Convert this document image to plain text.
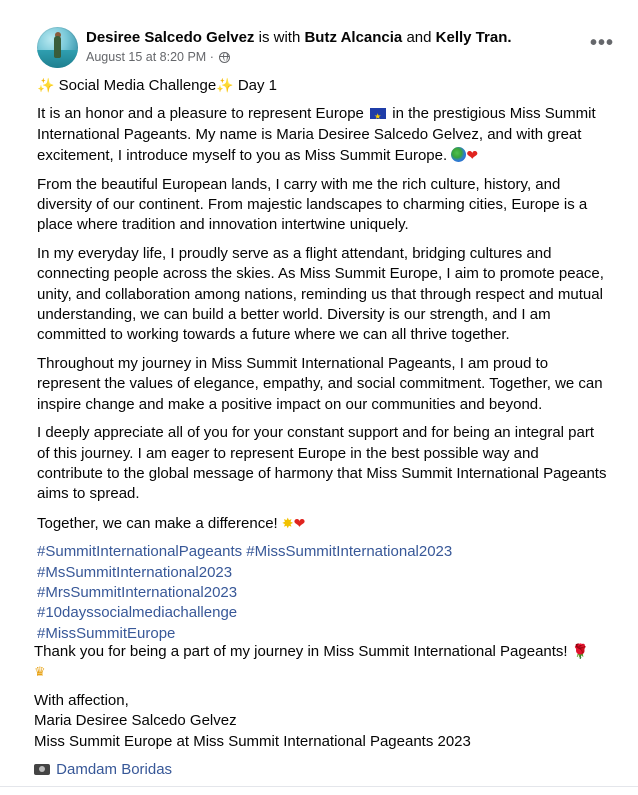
Desiree Salcedo Gelvez is with Butz Alcancia and Kelly Tran.
August 15 at 8:20 PM ·
•••

✨ Social Media Challenge✨ Day 1

It is an honor and a pleasure to represent Europe ★ in the prestigious Miss Summit International Pageants. My name is Maria Desiree Salcedo Gelvez, and with great excitement, I introduce myself to you as Miss Summit Europe. ❤

From the beautiful European lands, I carry with me the rich culture, history, and diversity of our continent. From majestic landscapes to charming cities, Europe is a place where tradition and innovation intertwine uniquely.

In my everyday life, I proudly serve as a flight attendant, bridging cultures and connecting people across the skies. As Miss Summit Europe, I aim to promote peace, unity, and collaboration among nations, reminding us that through respect and mutual understanding, we can build a better world. Diversity is our strength, and I am committed to working towards a future where we can all thrive together.

Throughout my journey in Miss Summit International Pageants, I am proud to represent the values of elegance, empathy, and social commitment. Together, we can inspire change and make a positive impact on our communities and beyond.

I deeply appreciate all of you for your constant support and for being an integral part of this journey. I am eager to represent Europe in the best possible way and contribute to the global message of harmony that Miss Summit International Pageants aims to spread.

Together, we can make a difference! ✸❤

#SummitInternationalPageants #MissSummitInternational2023
#MsSummitInternational2023
#MrsSummitInternational2023
#10dayssocialmediachallenge
#MissSummitEurope

Thank you for being a part of my journey in Miss Summit International Pageants! 🌹
♛

With affection,

Maria Desiree Salcedo Gelvez

Miss Summit Europe at Miss Summit International Pageants 2023

Damdam Boridas
